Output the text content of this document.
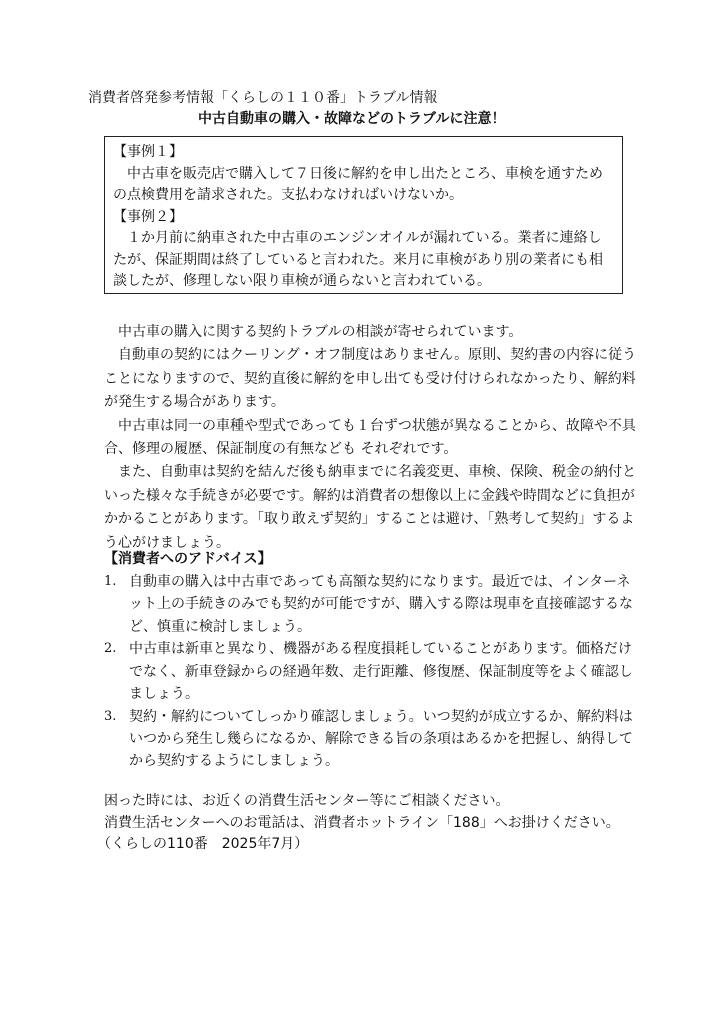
消費者啓発参考情報「くらしの１１０番」トラブル情報
中古自動車の購入・故障などのトラブルに注意！

【事例１】

中古車を販売店で購入して７日後に解約を申し出たところ、車検を通すための点検費用を請求された。支払わなければいけないか。

【事例２】

１か月前に納車された中古車のエンジンオイルが漏れている。業者に連絡したが、保証期間は終了していると言われた。来月に車検があり別の業者にも相談したが、修理しない限り車検が通らないと言われている。

中古車の購入に関する契約トラブルの相談が寄せられています。

自動車の契約にはクーリング・オフ制度はありません。原則、契約書の内容に従うことになりますので、契約直後に解約を申し出ても受け付けられなかったり、解約料が発生する場合があります。

中古車は同一の車種や型式であっても１台ずつ状態が異なることから、故障や不具合、修理の履歴、保証制度の有無なども それぞれです。

また、自動車は契約を結んだ後も納車までに名義変更、車検、保険、税金の納付といった様々な手続きが必要です。解約は消費者の想像以上に金銭や時間などに負担がかかることがあります。「取り敢えず契約」することは避け、「熟考して契約」するよう心がけましょう。

【消費者へのアドバイス】
1. 自動車の購入は中古車であっても高額な契約になります。最近では、インターネット上の手続きのみでも契約が可能ですが、購入する際は現車を直接確認するなど、慎重に検討しましょう。
2. 中古車は新車と異なり、機器がある程度損耗していることがあります。価格だけでなく、新車登録からの経過年数、走行距離、修復歴、保証制度等をよく確認しましょう。
3. 契約・解約についてしっかり確認しましょう。いつ契約が成立するか、解約料はいつから発生し幾らになるか、解除できる旨の条項はあるかを把握し、納得してから契約するようにしましょう。

困った時には、お近くの消費生活センター等にご相談ください。

消費生活センターへのお電話は、消費者ホットライン「188」へお掛けください。

（くらしの110番　2025年7月）
